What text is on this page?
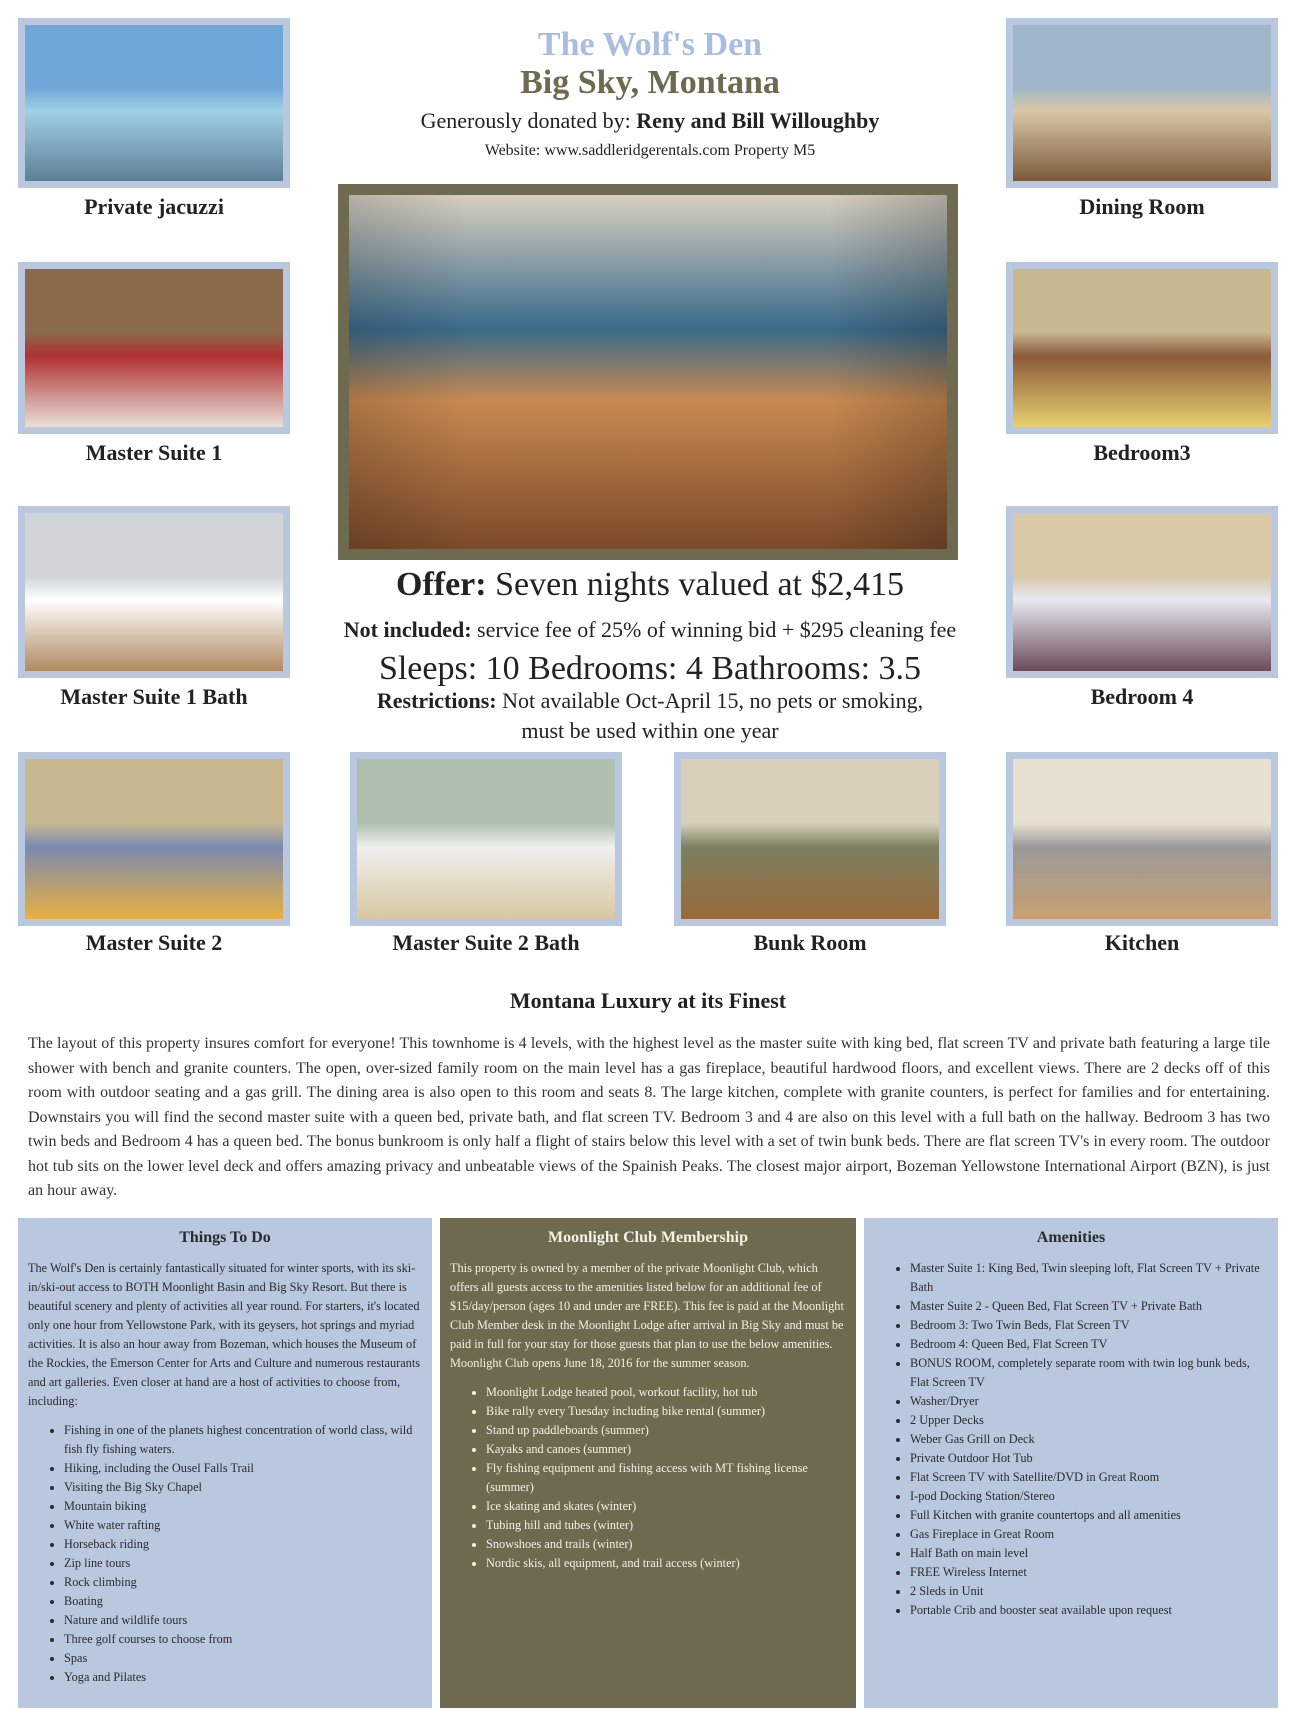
The Wolf's Den
Big Sky, Montana
Generously donated by: Reny and Bill Willoughby
Website: www.saddleridgerentals.com Property M5
Private jacuzzi	Dining Room
Master Suite 1	Bedroom3
Master Suite 1 Bath	Bedroom 4
Master Suite 2	Master Suite 2 Bath	Bunk Room	Kitchen
Offer: Seven nights valued at $2,415
Not included: service fee of 25% of winning bid + $295 cleaning fee
Sleeps: 10 Bedrooms: 4 Bathrooms: 3.5
Restrictions: Not available Oct-April 15, no pets or smoking,
must be used within one year
Montana Luxury at its Finest
The layout of this property insures comfort for everyone! This townhome is 4 levels, with the highest level as the master suite with king bed, flat screen TV and private bath featuring a large tile shower with bench and granite counters. The open, over-sized family room on the main level has a gas fireplace, beautiful hardwood floors, and excellent views. There are 2 decks off of this room with outdoor seating and a gas grill. The dining area is also open to this room and seats 8. The large kitchen, complete with granite counters, is perfect for families and for entertaining. Downstairs you will find the second master suite with a queen bed, private bath, and flat screen TV. Bedroom 3 and 4 are also on this level with a full bath on the hallway. Bedroom 3 has two twin beds and Bedroom 4 has a queen bed. The bonus bunkroom is only half a flight of stairs below this level with a set of twin bunk beds. There are flat screen TV's in every room. The outdoor hot tub sits on the lower level deck and offers amazing privacy and unbeatable views of the Spainish Peaks. The closest major airport, Bozeman Yellowstone International Airport (BZN), is just an hour away.
Things To Do

The Wolf's Den is certainly fantastically situated for winter sports, with its ski-in/ski-out access to BOTH Moonlight Basin and Big Sky Resort. But there is beautiful scenery and plenty of activities all year round. For starters, it's located only one hour from Yellowstone Park, with its geysers, hot springs and myriad activities. It is also an hour away from Bozeman, which houses the Museum of the Rockies, the Emerson Center for Arts and Culture and numerous restaurants and art galleries. Even closer at hand are a host of activities to choose from, including:

• Fishing in one of the planets highest concentration of world class, wild fish fly fishing waters.
• Hiking, including the Ousel Falls Trail
• Visiting the Big Sky Chapel
• Mountain biking
• White water rafting
• Horseback riding
• Zip line tours
• Rock climbing
• Boating
• Nature and wildlife tours
• Three golf courses to choose from
• Spas
• Yoga and Pilates
Moonlight Club Membership

This property is owned by a member of the private Moonlight Club, which offers all guests access to the amenities listed below for an additional fee of $15/day/person (ages 10 and under are FREE). This fee is paid at the Moonlight Club Member desk in the Moonlight Lodge after arrival in Big Sky and must be paid in full for your stay for those guests that plan to use the below amenities. Moonlight Club opens June 18, 2016 for the summer season.

• Moonlight Lodge heated pool, workout facility, hot tub
• Bike rally every Tuesday including bike rental (summer)
• Stand up paddleboards (summer)
• Kayaks and canoes (summer)
• Fly fishing equipment and fishing access with MT fishing license (summer)
• Ice skating and skates (winter)
• Tubing hill and tubes (winter)
• Snowshoes and trails (winter)
• Nordic skis, all equipment, and trail access (winter)
Amenities
• Master Suite 1: King Bed, Twin sleeping loft, Flat Screen TV + Private Bath
• Master Suite 2 - Queen Bed, Flat Screen TV + Private Bath
• Bedroom 3: Two Twin Beds, Flat Screen TV
• Bedroom 4: Queen Bed, Flat Screen TV
• BONUS ROOM, completely separate room with twin log bunk beds, Flat Screen TV
• Washer/Dryer
• 2 Upper Decks
• Weber Gas Grill on Deck
• Private Outdoor Hot Tub
• Flat Screen TV with Satellite/DVD in Great Room
• I-pod Docking Station/Stereo
• Full Kitchen with granite countertops and all amenities
• Gas Fireplace in Great Room
• Half Bath on main level
• FREE Wireless Internet
• 2 Sleds in Unit
• Portable Crib and booster seat available upon request
